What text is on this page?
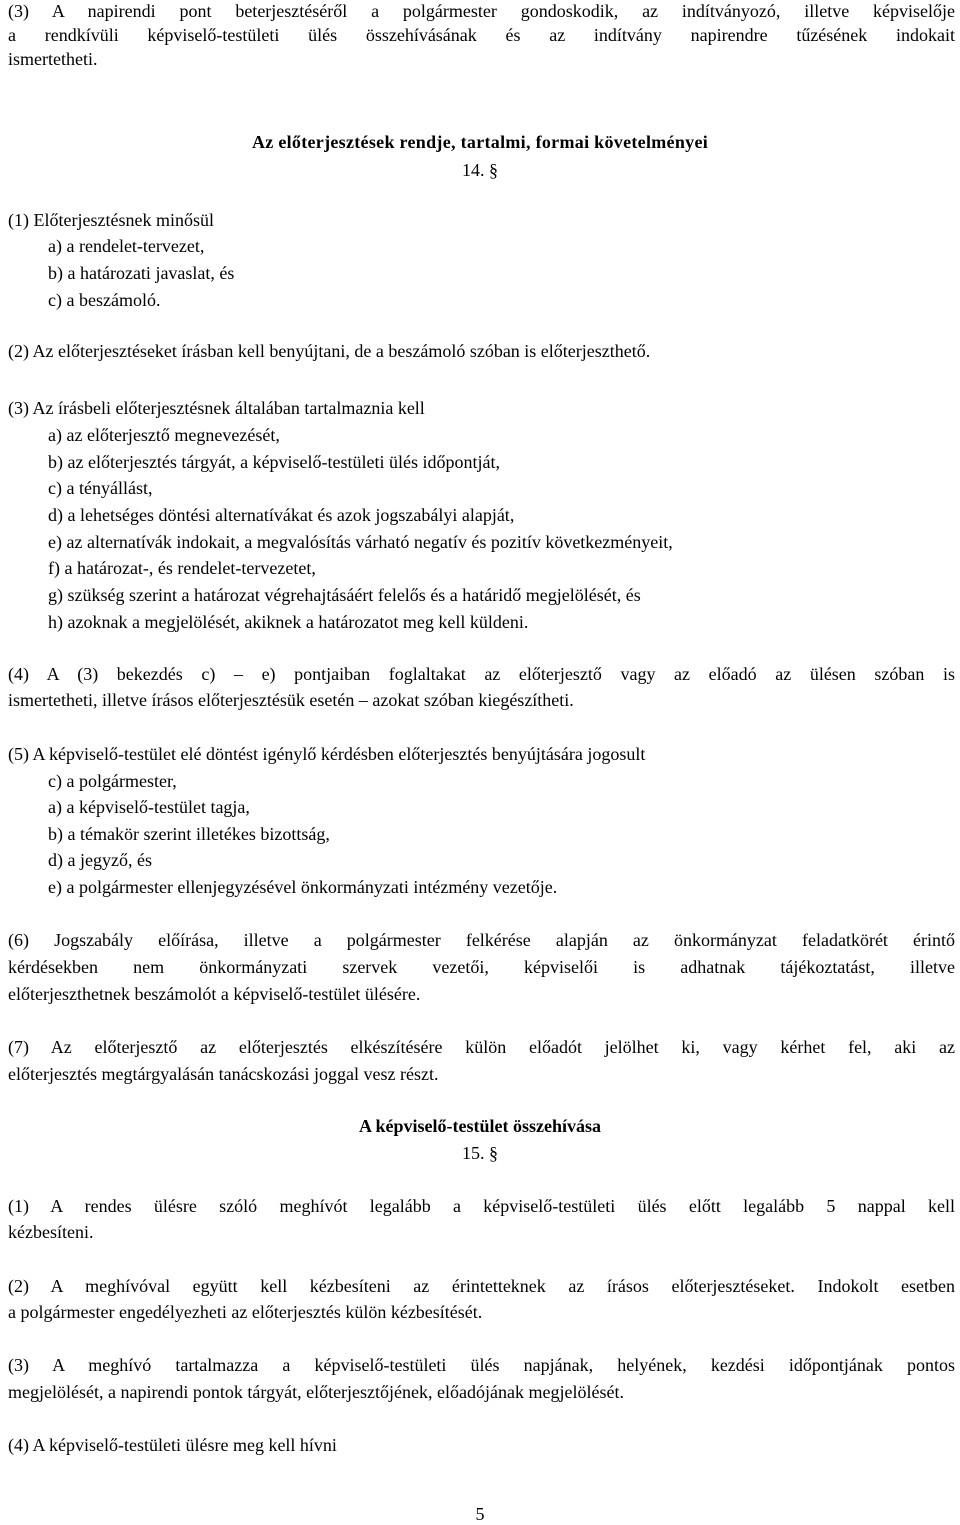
(3) A napirendi pont beterjesztéséről a polgármester gondoskodik, az indítványozó, illetve képviselője
a rendkívüli képviselő-testületi ülés összehívásának és az indítvány napirendre tűzésének indokait
ismertetheti.
Az előterjesztések rendje, tartalmi, formai követelményei
14. §
(1) Előterjesztésnek minősül
a) a rendelet-tervezet,
b) a határozati javaslat, és
c) a beszámoló.
(2) Az előterjesztéseket írásban kell benyújtani, de a beszámoló szóban is előterjeszthető.
(3) Az írásbeli előterjesztésnek általában tartalmaznia kell
a) az előterjesztő megnevezését,
b) az előterjesztés tárgyát, a képviselő-testületi ülés időpontját,
c) a tényállást,
d) a lehetséges döntési alternatívákat és azok jogszabályi alapját,
e) az alternatívák indokait, a megvalósítás várható negatív és pozitív következményeit,
f) a határozat-, és rendelet-tervezetet,
g) szükség szerint a határozat végrehajtásáért felelős és a határidő megjelölését, és
h) azoknak a megjelölését, akiknek a határozatot meg kell küldeni.
(4) A (3) bekezdés c) – e) pontjaiban foglaltakat az előterjesztő vagy az előadó az ülésen szóban is
ismertetheti, illetve írásos előterjesztésük esetén – azokat szóban kiegészítheti.
(5) A képviselő-testület elé döntést igénylő kérdésben előterjesztés benyújtására jogosult
c) a polgármester,
a) a képviselő-testület tagja,
b) a témakör szerint illetékes bizottság,
d) a jegyző, és
e) a polgármester ellenjegyzésével önkormányzati intézmény vezetője.
(6) Jogszabály előírása, illetve a polgármester felkérése alapján az önkormányzat feladatkörét érintő
kérdésekben nem önkormányzati szervek vezetői, képviselői is adhatnak tájékoztatást, illetve
előterjeszthetnek beszámolót a képviselő-testület ülésére.
(7) Az előterjesztő az előterjesztés elkészítésére külön előadót jelölhet ki, vagy kérhet fel, aki az
előterjesztés megtárgyalásán tanácskozási joggal vesz részt.
A képviselő-testület összehívása
15. §
(1) A rendes ülésre szóló meghívót legalább a képviselő-testületi ülés előtt legalább 5 nappal kell
kézbesíteni.
(2) A meghívóval együtt kell kézbesíteni az érintetteknek az írásos előterjesztéseket. Indokolt esetben
a polgármester engedélyezheti az előterjesztés külön kézbesítését.
(3) A meghívó tartalmazza a képviselő-testületi ülés napjának, helyének, kezdési időpontjának pontos
megjelölését, a napirendi pontok tárgyát, előterjesztőjének, előadójának megjelölését.
(4) A képviselő-testületi ülésre meg kell hívni
5
